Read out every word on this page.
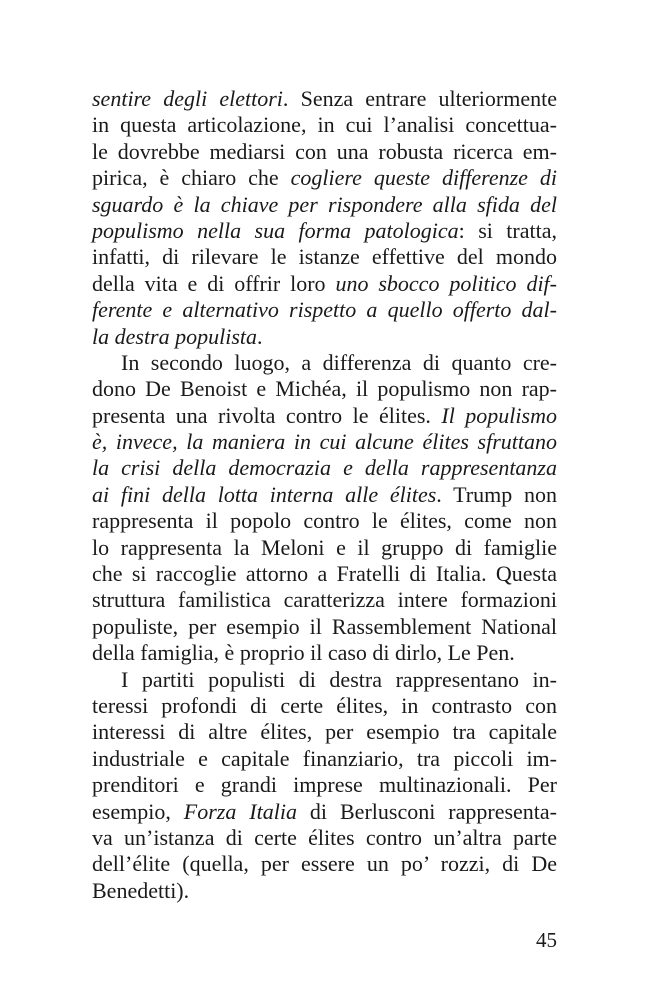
sentire degli elettori. Senza entrare ulteriormente
in questa articolazione, in cui l’analisi concettua-
le dovrebbe mediarsi con una robusta ricerca em-
pirica, è chiaro che cogliere queste differenze di
sguardo è la chiave per rispondere alla sfida del
populismo nella sua forma patologica: si tratta,
infatti, di rilevare le istanze effettive del mondo
della vita e di offrir loro uno sbocco politico dif-
ferente e alternativo rispetto a quello offerto dal-
la destra populista.
In secondo luogo, a differenza di quanto cre-
dono De Benoist e Michéa, il populismo non rap-
presenta una rivolta contro le élites. Il populismo
è, invece, la maniera in cui alcune élites sfruttano
la crisi della democrazia e della rappresentanza
ai fini della lotta interna alle élites. Trump non
rappresenta il popolo contro le élites, come non
lo rappresenta la Meloni e il gruppo di famiglie
che si raccoglie attorno a Fratelli di Italia. Questa
struttura familistica caratterizza intere formazioni
populiste, per esempio il Rassemblement National
della famiglia, è proprio il caso di dirlo, Le Pen.
I partiti populisti di destra rappresentano in-
teressi profondi di certe élites, in contrasto con
interessi di altre élites, per esempio tra capitale
industriale e capitale finanziario, tra piccoli im-
prenditori e grandi imprese multinazionali. Per
esempio, Forza Italia di Berlusconi rappresenta-
va un’istanza di certe élites contro un’altra parte
dell’élite (quella, per essere un po’ rozzi, di De
Benedetti).
45
